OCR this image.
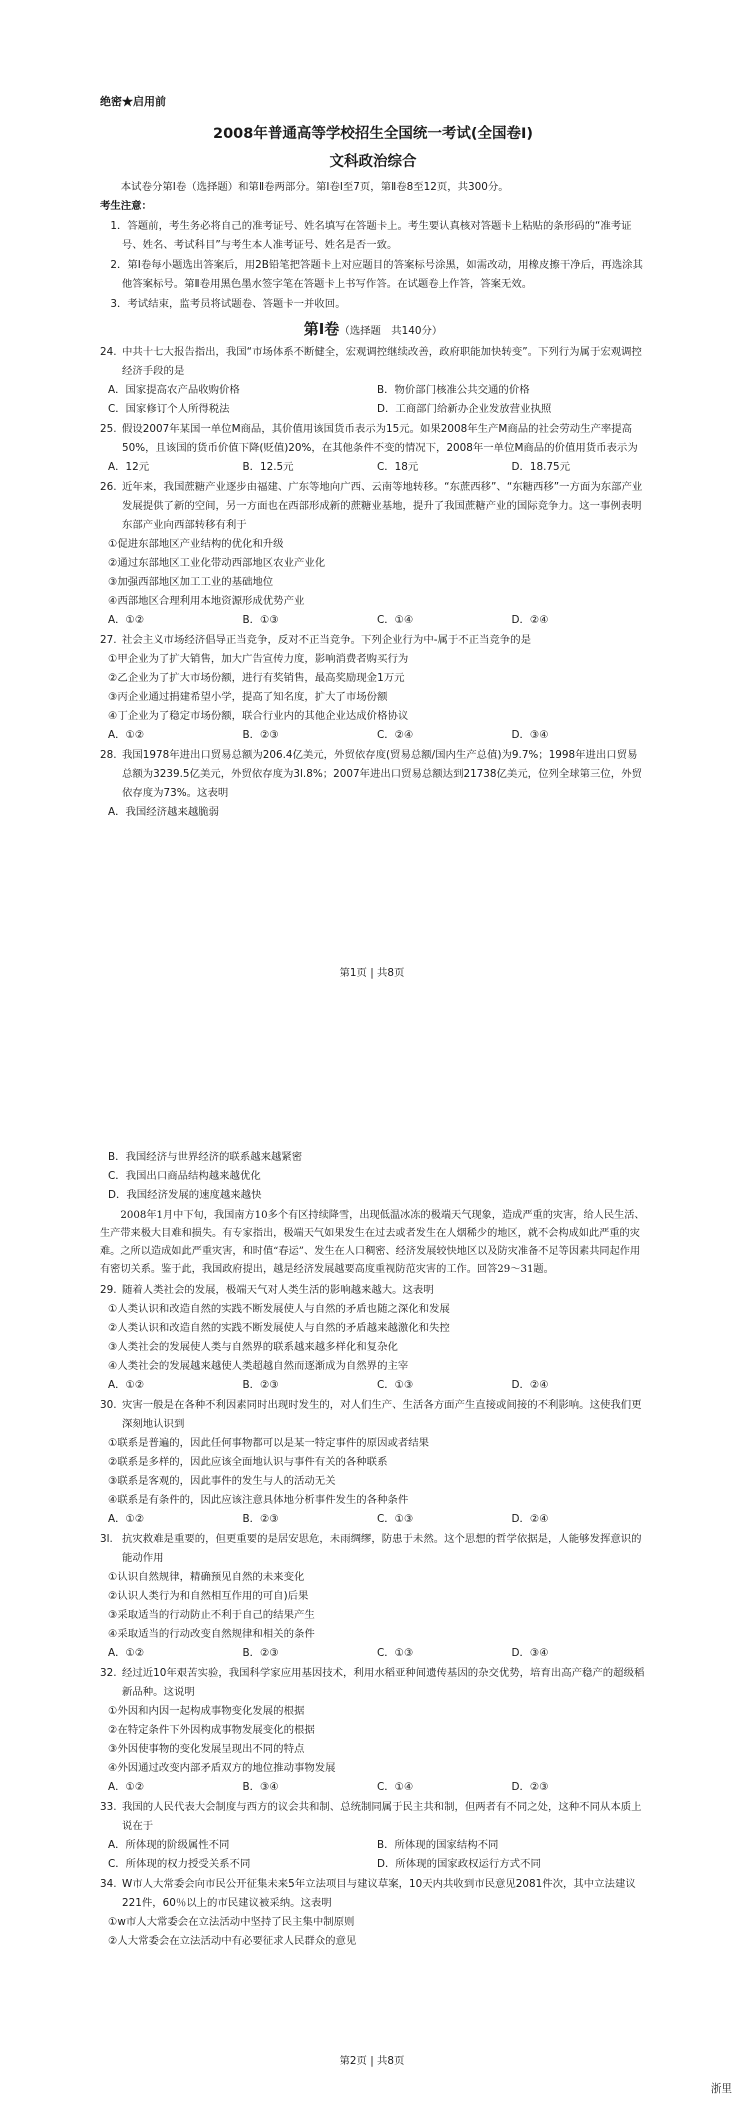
绝密★启用前
2008年普通高等学校招生全国统一考试(全国卷Ⅰ)
文科政治综合
本试卷分第Ⅰ卷（选择题）和第Ⅱ卷两部分。第Ⅰ卷Ⅰ至7页，第Ⅱ卷8至12页，共300分。
考生注意：
1．答题前，考生务必将自己的准考证号、姓名填写在答题卡上。考生要认真核对答题卡上粘贴的条形码的“准考证号、姓名、考试科目”与考生本人准考证号、姓名是否一致。
2．第Ⅰ卷每小题选出答案后，用2B铅笔把答题卡上对应题目的答案标号涂黑，如需改动，用橡皮擦干净后，再选涂其他答案标号。第Ⅱ卷用黑色墨水签字笔在答题卡上书写作答。在试题卷上作答，答案无效。
3．考试结束，监考员将试题卷、答题卡一并收回。
第Ⅰ卷（选择题　共140分）
24. 中共十七大报告指出，我国“市场体系不断健全，宏观调控继续改善，政府职能加快转变”。下列行为属于宏观调控经济手段的是
A．国家提高农产品收购价格	B．物价部门核准公共交通的价格
C．国家修订个人所得税法	D．工商部门给新办企业发放营业执照
25. 假设2007年某国一单位M商品，其价值用该国货币表示为15元。如果2008年生产M商品的社会劳动生产率提高50%，且该国的货币价值下降(贬值)20%，在其他条件不变的情况下，2008年一单位M商品的价值用货币表示为
A．12元	B．12.5元	C．18元	D．18.75元
26. 近年来，我国蔗糖产业逐步由福建、广东等地向广西、云南等地转移。“东蔗西移”、“东糖西移”一方面为东部产业发展提供了新的空间，另一方面也在西部形成新的蔗糖业基地，提升了我国蔗糖产业的国际竞争力。这一事例表明东部产业向西部转移有利于
①促进东部地区产业结构的优化和升级
②通过东部地区工业化带动西部地区农业产业化
③加强西部地区加工工业的基础地位
④西部地区合理利用本地资源形成优势产业
A．①②	B．①③	C．①④	D．②④
27. 社会主义市场经济倡导正当竞争，反对不正当竞争。下列企业行为中-属于不正当竞争的是
①甲企业为了扩大销售，加大广告宣传力度，影响消费者购买行为
②乙企业为了扩大市场份额，进行有奖销售，最高奖励现金1万元
③丙企业通过捐建希望小学，提高了知名度，扩大了市场份额
④丁企业为了稳定市场份额，联合行业内的其他企业达成价格协议
A．①②	B．②③	C．②④	D．③④
28. 我国1978年进出口贸易总额为206.4亿美元，外贸依存度(贸易总额/国内生产总值)为9.7%；1998年进出口贸易总额为3239.5亿美元，外贸依存度为3l.8%；2007年进出口贸易总额达到21738亿美元，位列全球第三位，外贸依存度为73%。这表明
A．我国经济越来越脆弱
第1页 | 共8页
B．我国经济与世界经济的联系越来越紧密
C．我国出口商品结构越来越优化
D．我国经济发展的速度越来越快
2008年1月中下旬，我国南方10多个有区持续降雪，出现低温冰冻的极端天气现象，造成严重的灾害，给人民生活、生产带来极大目难和损失。有专家指出，极端天气如果发生在过去或者发生在人烟稀少的地区，就不会构成如此严重的灾难。之所以造成如此严重灾害，和时值“春运”、发生在人口稠密、经济发展较快地区以及防灾准备不足等因素共同起作用有密切关系。鉴于此，我国政府提出，越是经济发展越要高度重视防范灾害的工作。回答29～31题。
29. 随着人类社会的发展，极端天气对人类生活的影响越来越大。这表明
①人类认识和改造自然的实践不断发展使人与自然的矛盾也随之深化和发展
②人类认识和改造自然的实践不断发展使人与自然的矛盾越来越激化和失控
③人类社会的发展使人类与自然界的联系越来越多样化和复杂化
④人类社会的发展越来越使人类超越自然而逐渐成为自然界的主宰
A．①②	B．②③	C．①③	D．②④
30. 灾害一般是在各种不利因素同时出现时发生的，对人们生产、生活各方面产生直接或间接的不利影响。这使我们更深刻地认识到
①联系是普遍的，因此任何事物都可以是某一特定事件的原因或者结果
②联系是多样的，因此应该全面地认识与事件有关的各种联系
③联系是客观的，因此事件的发生与人的活动无关
④联系是有条件的，因此应该注意具体地分析事件发生的各种条件
A．①②	B．②③	C．①③	D．②④
3l. 抗灾救难是重要的，但更重要的是居安思危，未雨绸缪，防患于未然。这个思想的哲学依据是，人能够发挥意识的能动作用
①认识自然规律，精确预见自然的未来变化
②认识人类行为和自然相互作用的可自)后果
③采取适当的行动防止不利于自己的结果产生
④采取适当的行动改变自然规律和相关的条件
A．①②	B．②③	C．①③	D．③④
32. 经过近10年艰苦实验，我国科学家应用基因技术，利用水稻亚种间遗传基因的杂交优势，培育出高产稳产的超级稻新品种。这说明
①外因和内因一起构成事物变化发展的根据
②在特定条件下外因构成事物发展变化的根据
③外因使事物的变化发展呈现出不同的特点
④外因通过改变内部矛盾双方的地位推动事物发展
A．①②	B．③④	C．①④	D．②③
33. 我国的人民代表大会制度与西方的议会共和制、总统制同属于民主共和制，但两者有不同之处，这种不同从本质上说在于
A．所体现的阶级属性不同	B．所体现的国家结构不同
C．所体现的权力授受关系不同	D．所体现的国家政权运行方式不同
34. W市人大常委会向市民公开征集未来5年立法项目与建议草案，10天内共收到市民意见2081件次，其中立法建议221件，60％以上的市民建议被采纳。这表明
①w市人大常委会在立法活动中坚持了民主集中制原则
②人大常委会在立法活动中有必要征求人民群众的意见
第2页 | 共8页
浙里
